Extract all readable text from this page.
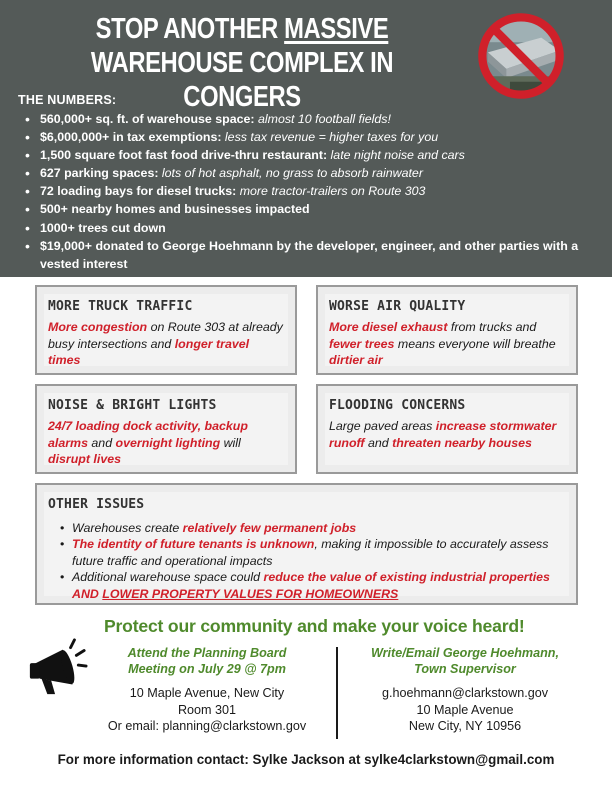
STOP ANOTHER MASSIVE WAREHOUSE COMPLEX IN CONGERS
THE NUMBERS:
• 560,000+ sq. ft. of warehouse space: almost 10 football fields!
• $6,000,000+ in tax exemptions: less tax revenue = higher taxes for you
• 1,500 square foot fast food drive-thru restaurant: late night noise and cars
• 627 parking spaces: lots of hot asphalt, no grass to absorb rainwater
• 72 loading bays for diesel trucks: more tractor-trailers on Route 303
• 500+ nearby homes and businesses impacted
• 1000+ trees cut down
• $19,000+ donated to George Hoehmann by the developer, engineer, and other parties with a vested interest
MORE TRUCK TRAFFIC
More congestion on Route 303 at already busy intersections and longer travel times
WORSE AIR QUALITY
More diesel exhaust from trucks and fewer trees means everyone will breathe dirtier air
NOISE & BRIGHT LIGHTS
24/7 loading dock activity, backup alarms and overnight lighting will disrupt lives
FLOODING CONCERNS
Large paved areas increase stormwater runoff and threaten nearby houses
OTHER ISSUES
• Warehouses create relatively few permanent jobs
• The identity of future tenants is unknown, making it impossible to accurately assess future traffic and operational impacts
• Additional warehouse space could reduce the value of existing industrial properties AND LOWER PROPERTY VALUES FOR HOMEOWNERS
Protect our community and make your voice heard!
Attend the Planning Board
Meeting on July 29 @ 7pm
10 Maple Avenue, New City
Room 301
Or email: planning@clarkstown.gov
Write/Email George Hoehmann,
Town Supervisor
g.hoehmann@clarkstown.gov
10 Maple Avenue
New City, NY 10956
For more information contact: Sylke Jackson at sylke4clarkstown@gmail.com
